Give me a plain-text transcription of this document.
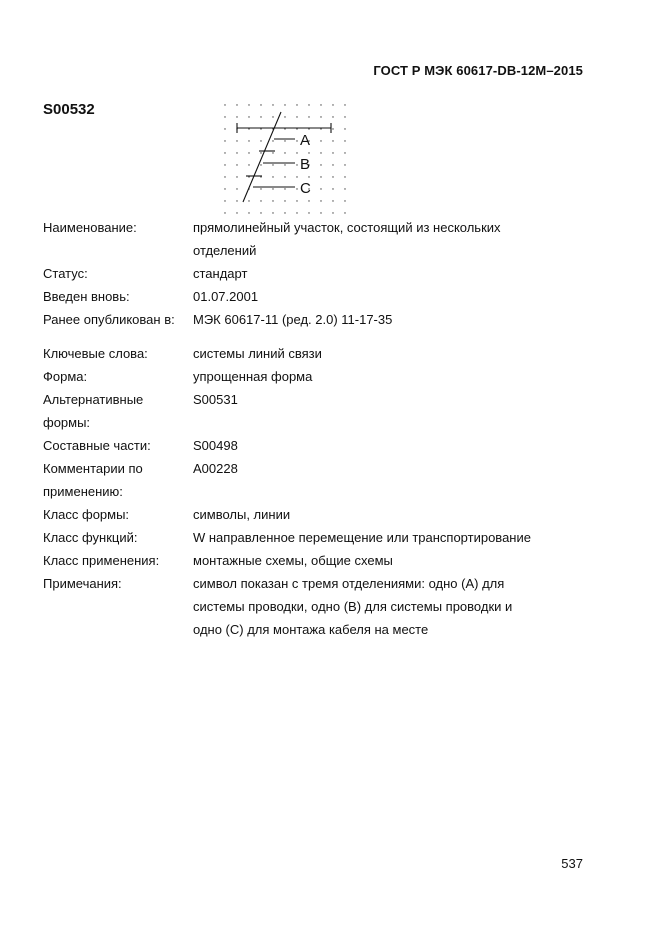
ГОСТ Р МЭК 60617-DB-12M–2015
S00532
A
B
C
Наименование:	прямолинейный участок, состоящий из нескольких
отделений
Статус:	стандарт
Введен вновь:	01.07.2001
Ранее опубликован в:	МЭК 60617-11 (ред. 2.0) 11-17-35
Ключевые слова:	системы линий связи
Форма:	упрощенная форма
Альтернативные
формы:
S00531
Составные части:	S00498
Комментарии по
применению:
A00228
Класс формы:	символы, линии
Класс функций:	W направленное перемещение или транспортирование
Класс применения:	монтажные схемы, общие схемы
Примечания:	символ показан с тремя отделениями: одно (А) для
системы проводки, одно (В) для системы проводки и
одно (С) для монтажа кабеля на месте
537
